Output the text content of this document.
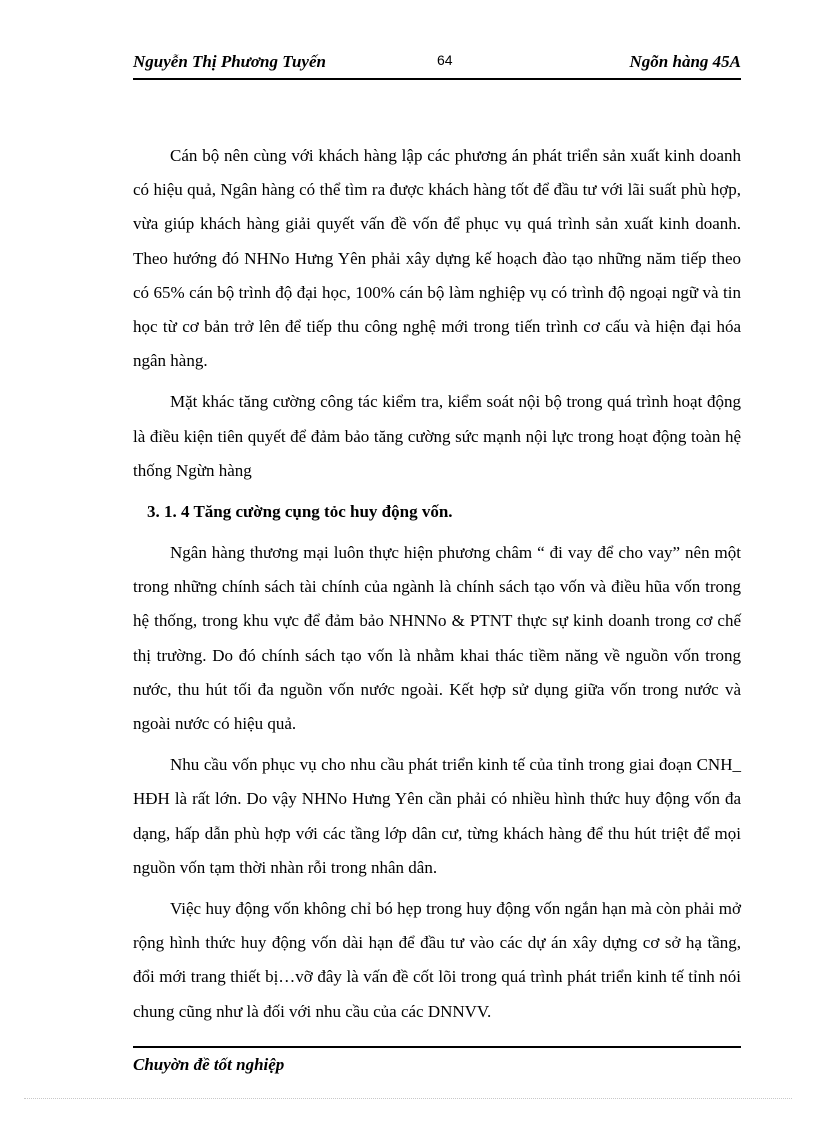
Nguyễn Thị Phương Tuyến	64	Ngõn hàng 45A

Cán bộ nên cùng với khách hàng lập các phương án phát triển sản xuất kinh doanh có hiệu quả, Ngân hàng có thể tìm ra được khách hàng tốt để đầu tư với lãi suất phù hợp, vừa giúp khách hàng giải quyết vấn đề vốn để phục vụ quá trình sản xuất kinh doanh. Theo hướng đó NHNo Hưng Yên phải xây dựng kế hoạch đào tạo những năm tiếp theo có 65% cán bộ trình độ đại học, 100% cán bộ làm nghiệp vụ có trình độ ngoại ngữ và tin học từ cơ bản trở lên để tiếp thu công nghệ mới trong tiến trình cơ cấu và hiện đại hóa ngân hàng.

Mặt khác tăng cường công tác kiểm tra, kiểm soát nội bộ trong quá trình hoạt động là điều kiện tiên quyết để đảm bảo tăng cường sức mạnh nội lực trong hoạt động toàn hệ thống Ngừn hàng

3. 1. 4 Tăng cường cụng tỏc huy động vốn.

Ngân hàng thương mại luôn thực hiện phương châm “ đi vay để cho vay” nên một trong những chính sách tài chính của ngành là chính sách tạo vốn và điều hũa vốn trong hệ thống, trong khu vực để đảm bảo NHNNo & PTNT thực sự kinh doanh trong cơ chế thị trường. Do đó chính sách tạo vốn là nhằm khai thác tiềm năng về nguồn vốn trong nước, thu hút tối đa nguồn vốn nước ngoài. Kết hợp sử dụng giữa vốn trong nước và ngoài nước có hiệu quả.

Nhu cầu vốn phục vụ cho nhu cầu phát triển kinh tế của tỉnh trong giai đoạn CNH_ HĐH là rất lớn. Do vậy NHNo Hưng Yên cần phải có nhiều hình thức huy động vốn đa dạng, hấp dẫn phù hợp với các tầng lớp dân cư, từng khách hàng để thu hút triệt để mọi nguồn vốn tạm thời nhàn rỗi trong nhân dân.

Việc huy động vốn không chỉ bó hẹp trong huy động vốn ngắn hạn mà còn phải mở rộng hình thức huy động vốn dài hạn để đầu tư vào các dự án xây dựng cơ sở hạ tầng, đổi mới trang thiết bị…vỡ đây là vấn đề cốt lõi trong quá trình phát triển kinh tế tỉnh nói chung cũng như là đối với nhu cầu của các DNNVV.

Chuyờn đề tốt nghiệp
